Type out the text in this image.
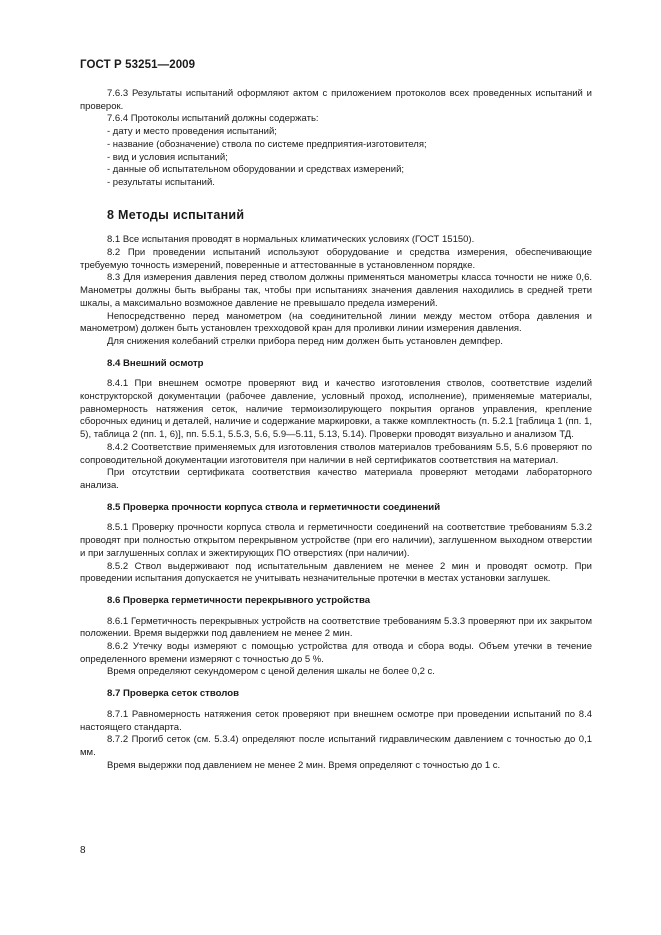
ГОСТ Р 53251—2009

7.6.3 Результаты испытаний оформляют актом с приложением протоколов всех проведенных испытаний и проверок.

7.6.4 Протоколы испытаний должны содержать:

- дату и место проведения испытаний;

- название (обозначение) ствола по системе предприятия-изготовителя;

- вид и условия испытаний;

- данные об испытательном оборудовании и средствах измерений;

- результаты испытаний.

8 Методы испытаний

8.1 Все испытания проводят в нормальных климатических условиях (ГОСТ 15150).

8.2 При проведении испытаний используют оборудование и средства измерения, обеспечивающие требуемую точность измерений, поверенные и аттестованные в установленном порядке.

8.3 Для измерения давления перед стволом должны применяться манометры класса точности не ниже 0,6. Манометры должны быть выбраны так, чтобы при испытаниях значения давления находились в средней трети шкалы, а максимально возможное давление не превышало предела измерений.

Непосредственно перед манометром (на соединительной линии между местом отбора давления и манометром) должен быть установлен трехходовой кран для проливки линии измерения давления.

Для снижения колебаний стрелки прибора перед ним должен быть установлен демпфер.

8.4 Внешний осмотр

8.4.1 При внешнем осмотре проверяют вид и качество изготовления стволов, соответствие изделий конструкторской документации (рабочее давление, условный проход, исполнение), применяемые материалы, равномерность натяжения сеток, наличие термоизолирующего покрытия органов управления, крепление сборочных единиц и деталей, наличие и содержание маркировки, а также комплектность (п. 5.2.1 [таблица 1 (пп. 1, 5), таблица 2 (пп. 1, 6)], пп. 5.5.1, 5.5.3, 5.6, 5.9—5.11, 5.13, 5.14). Проверки проводят визуально и анализом ТД.

8.4.2 Соответствие применяемых для изготовления стволов материалов требованиям 5.5, 5.6 проверяют по сопроводительной документации изготовителя при наличии в ней сертификатов соответствия на материал.

При отсутствии сертификата соответствия качество материала проверяют методами лабораторного анализа.

8.5 Проверка прочности корпуса ствола и герметичности соединений

8.5.1 Проверку прочности корпуса ствола и герметичности соединений на соответствие требованиям 5.3.2 проводят при полностью открытом перекрывном устройстве (при его наличии), заглушенном выходном отверстии и при заглушенных соплах и эжектирующих ПО отверстиях (при наличии).

8.5.2 Ствол выдерживают под испытательным давлением не менее 2 мин и проводят осмотр. При проведении испытания допускается не учитывать незначительные протечки в местах установки заглушек.

8.6 Проверка герметичности перекрывного устройства

8.6.1 Герметичность перекрывных устройств на соответствие требованиям 5.3.3 проверяют при их закрытом положении. Время выдержки под давлением не менее 2 мин.

8.6.2 Утечку воды измеряют с помощью устройства для отвода и сбора воды. Объем утечки в течение определенного времени измеряют с точностью до 5 %.

Время определяют секундомером с ценой деления шкалы не более 0,2 с.

8.7 Проверка сеток стволов

8.7.1 Равномерность натяжения сеток проверяют при внешнем осмотре при проведении испытаний по 8.4 настоящего стандарта.

8.7.2 Прогиб сеток (см. 5.3.4) определяют после испытаний гидравлическим давлением с точностью до 0,1 мм.

Время выдержки под давлением не менее 2 мин. Время определяют с точностью до 1 с.

8
